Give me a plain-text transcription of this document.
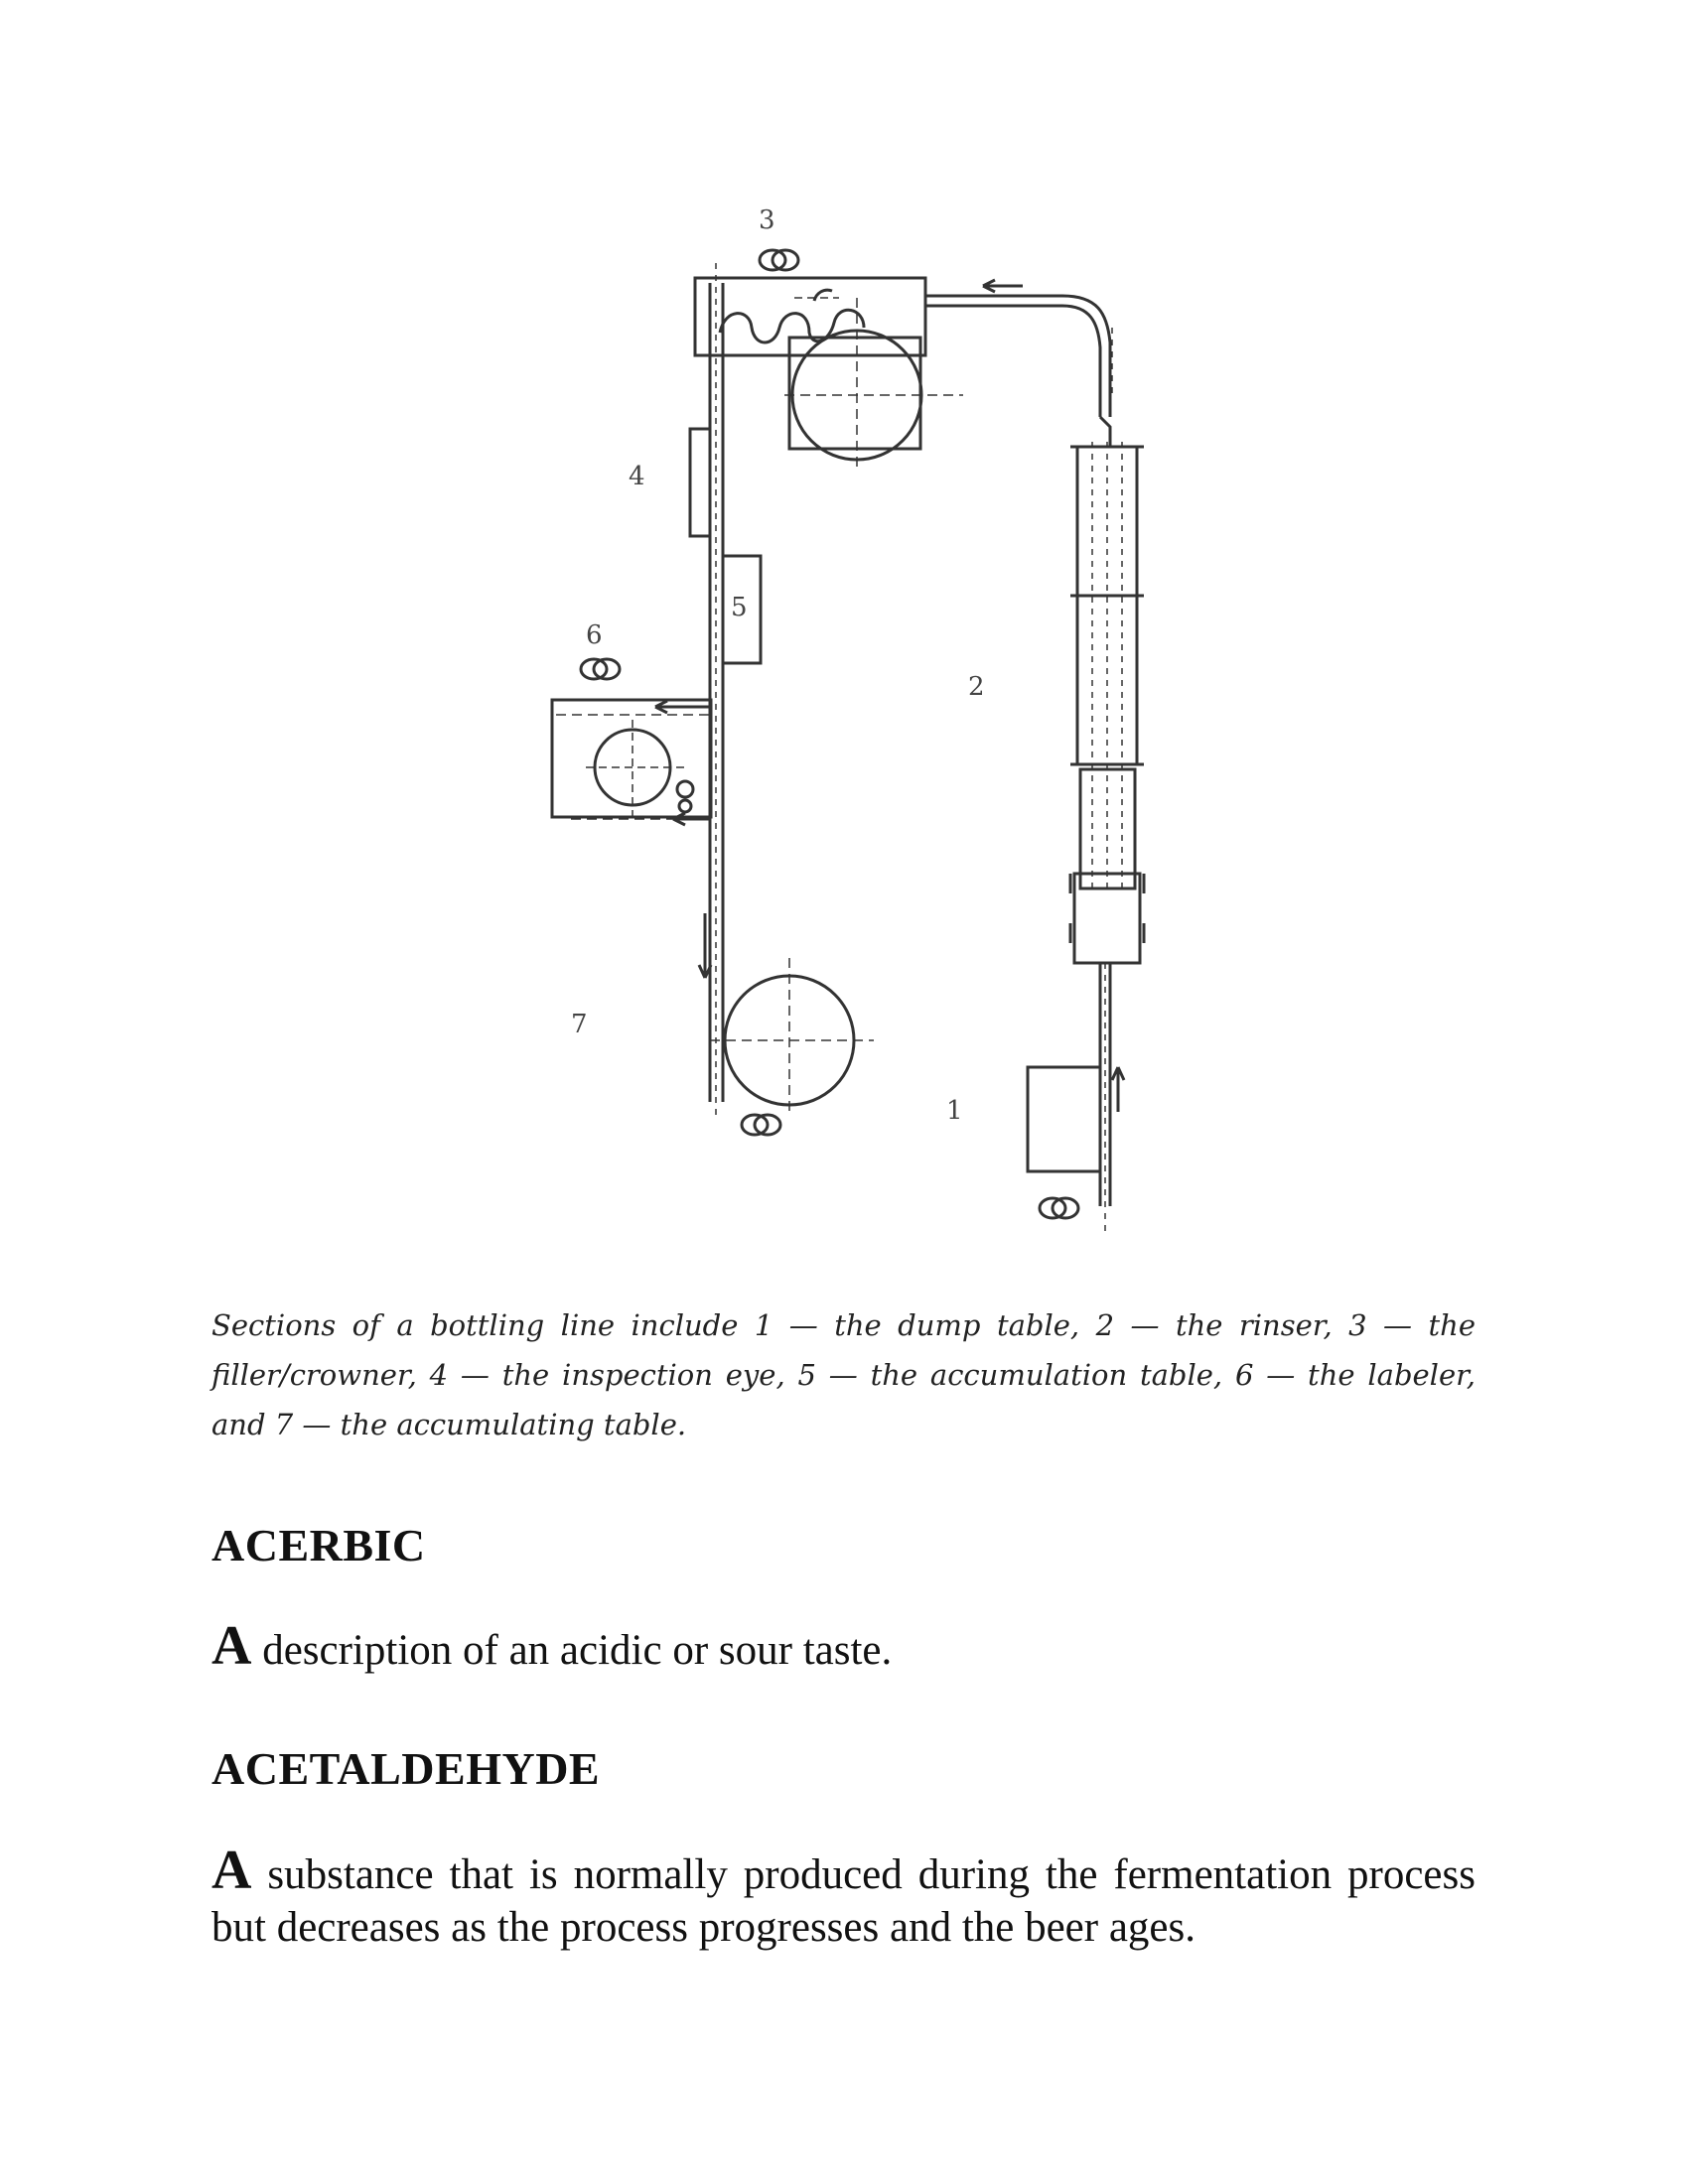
3
4
5
6
2
7
1

Sections of a bottling line include 1 — the dump table, 2 — the rinser, 3 — the filler/crowner, 4 — the inspection eye, 5 — the accumulation table, 6 — the labeler, and 7 — the accumulating table.

ACERBIC

A description of an acidic or sour taste.

ACETALDEHYDE

A substance that is normally produced during the fermentation process but decreases as the process progresses and the beer ages.
